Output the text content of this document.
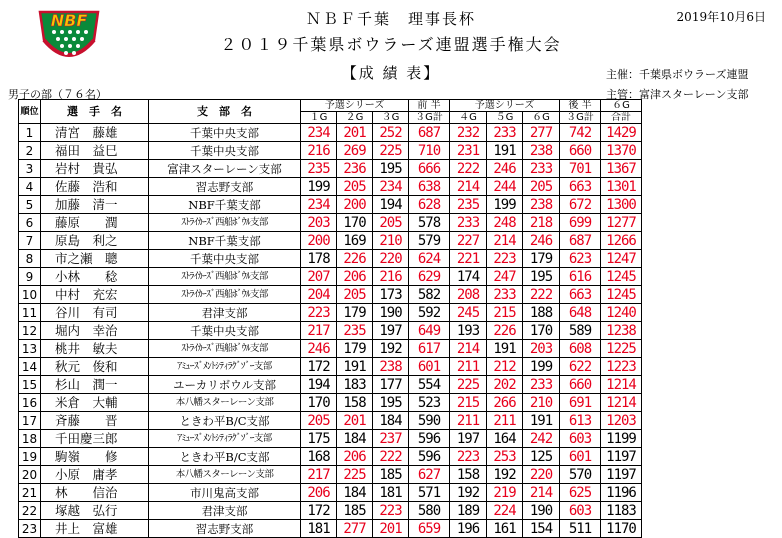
NBF	ＮＢＦ千葉　理事長杯	2019年10月6日
２０１９千葉県ボウラーズ連盟選手権大会
【成 績 表】	主催：千葉県ボウラーズ連盟
主管：富津スターレーン支部
男子の部（７６名）
順位	選　手　名	支　部　名	予選シリーズ			前 半	予選シリーズ			後 半	６G
			１G	２G	３G	３G計	４G	５G	６G	３G計	合計
1	清宮　藤雄	千葉中央支部	234	201	252	687	232	233	277	742	1429
2	福田　益巳	千葉中央支部	216	269	225	710	231	191	238	660	1370
3	岩村　貴弘	富津スターレーン支部	235	236	195	666	222	246	233	701	1367
4	佐藤　浩和	習志野支部	199	205	234	638	214	244	205	663	1301
5	加藤　清一	NBF千葉支部	234	200	194	628	235	199	238	672	1300
6	藤原　　潤	ｽﾄﾗｲｶｰｽﾞ西船ﾎﾞｳﾙ支部	203	170	205	578	233	248	218	699	1277
7	原島　利之	NBF千葉支部	200	169	210	579	227	214	246	687	1266
8	市之瀬　聰	千葉中央支部	178	226	220	624	221	223	179	623	1247
9	小林　　稔	ｽﾄﾗｲｶｰｽﾞ西船ﾎﾞｳﾙ支部	207	206	216	629	174	247	195	616	1245
10	中村　充宏	ｽﾄﾗｲｶｰｽﾞ西船ﾎﾞｳﾙ支部	204	205	173	582	208	233	222	663	1245
11	谷川　有司	君津支部	223	179	190	592	245	215	188	648	1240
12	堀内　幸治	千葉中央支部	217	235	197	649	193	226	170	589	1238
13	桃井　敏夫	ｽﾄﾗｲｶｰｽﾞ西船ﾎﾞｳﾙ支部	246	179	192	617	214	191	203	608	1225
14	秋元　俊和	ｱﾐｭｰｽﾞﾒﾝﾄｼﾃｨﾗｸﾞｿﾞｰ支部	172	191	238	601	211	212	199	622	1223
15	杉山　潤一	ユーカリボウル支部	194	183	177	554	225	202	233	660	1214
16	米倉　大輔	本八幡スターレーン支部	170	158	195	523	215	266	210	691	1214
17	斉藤　　晋	ときわ平B/C支部	205	201	184	590	211	211	191	613	1203
18	千田慶三郎	ｱﾐｭｰｽﾞﾒﾝﾄｼﾃｨﾗｸﾞｿﾞｰ支部	175	184	237	596	197	164	242	603	1199
19	駒嶺　　修	ときわ平B/C支部	168	206	222	596	223	253	125	601	1197
20	小原　庸孝	本八幡スターレーン支部	217	225	185	627	158	192	220	570	1197
21	林　　信治	市川鬼高支部	206	184	181	571	192	219	214	625	1196
22	塚越　弘行	君津支部	172	185	223	580	189	224	190	603	1183
23	井上　富雄	習志野支部	181	277	201	659	196	161	154	511	1170
